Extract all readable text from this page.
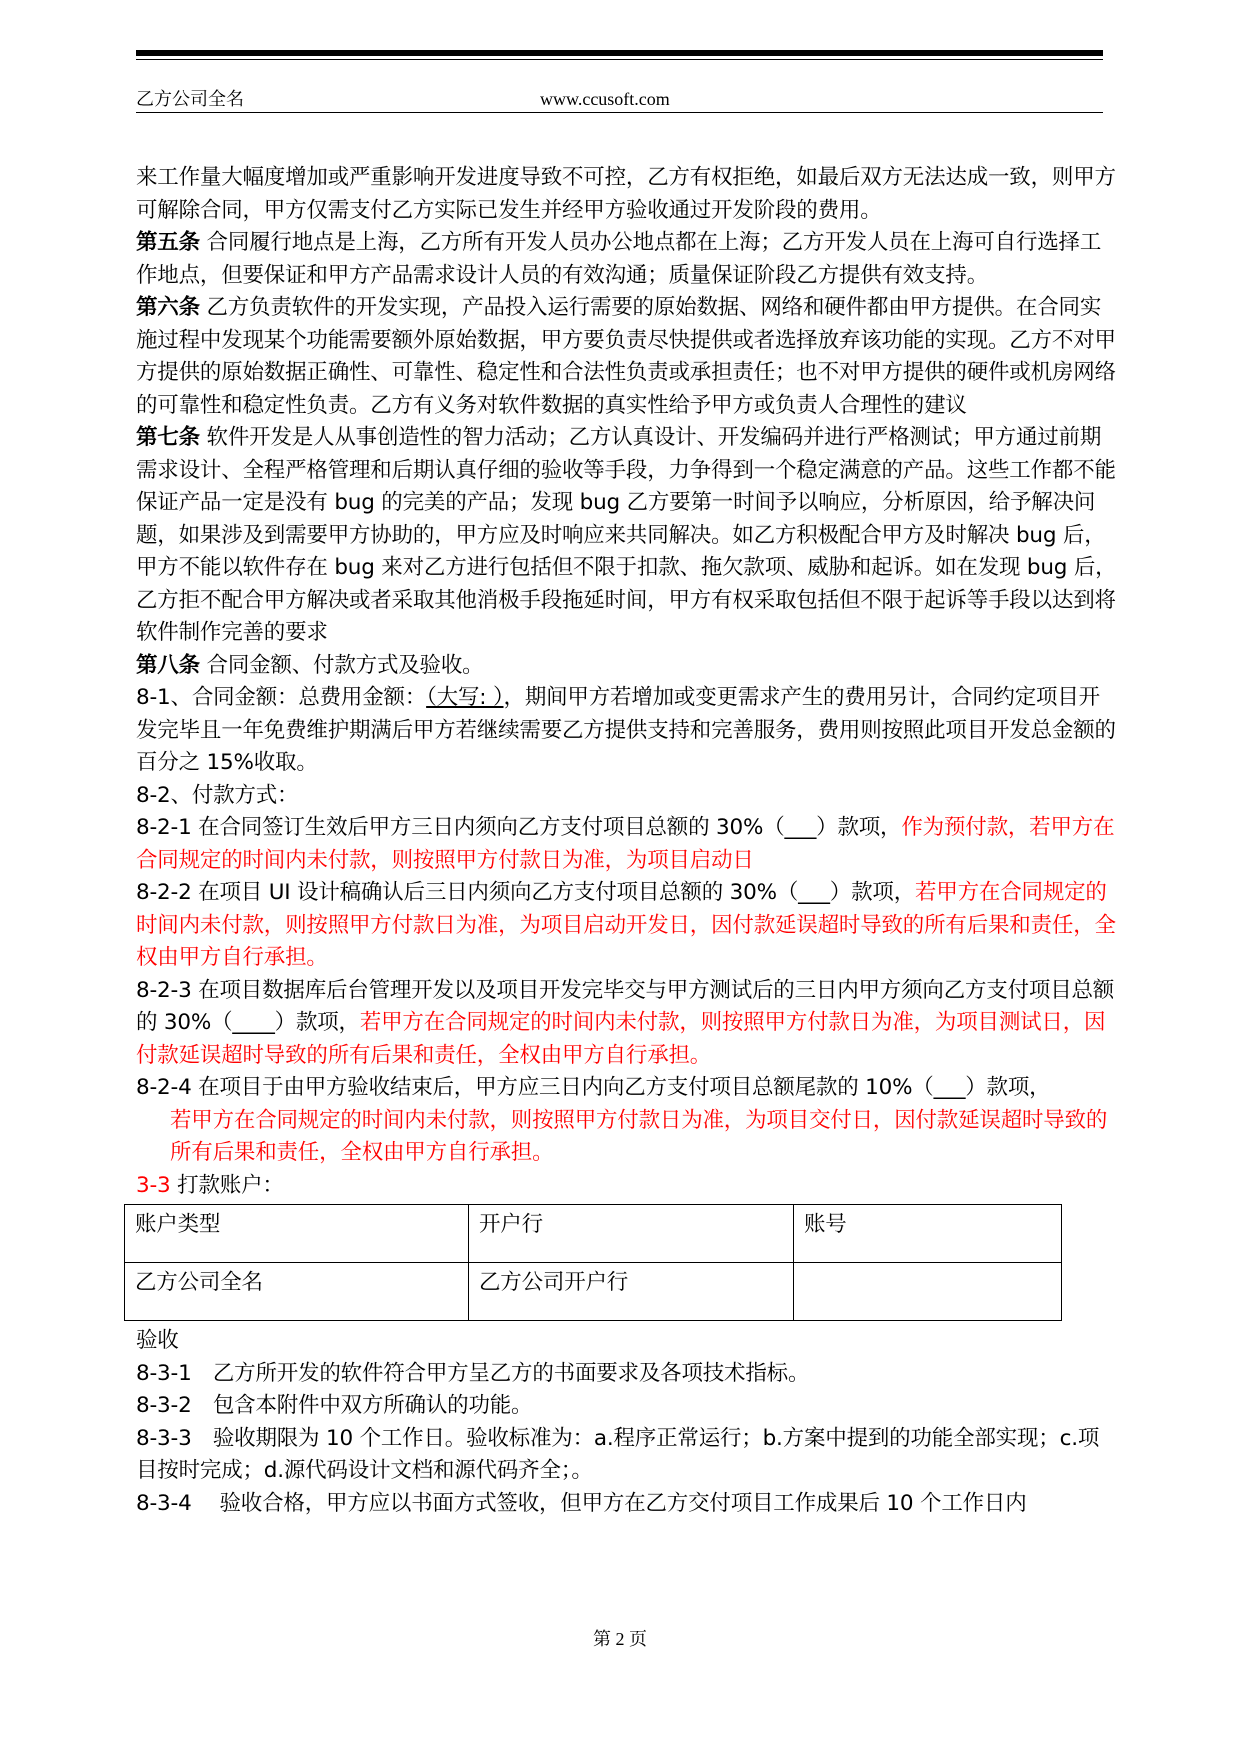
乙方公司全名	www.ccusoft.com

来工作量大幅度增加或严重影响开发进度导致不可控，乙方有权拒绝，如最后双方无法达成一致，则甲方可解除合同，甲方仅需支付乙方实际已发生并经甲方验收通过开发阶段的费用。

第五条 合同履行地点是上海，乙方所有开发人员办公地点都在上海；乙方开发人员在上海可自行选择工作地点，但要保证和甲方产品需求设计人员的有效沟通；质量保证阶段乙方提供有效支持。

第六条 乙方负责软件的开发实现，产品投入运行需要的原始数据、网络和硬件都由甲方提供。在合同实施过程中发现某个功能需要额外原始数据，甲方要负责尽快提供或者选择放弃该功能的实现。乙方不对甲方提供的原始数据正确性、可靠性、稳定性和合法性负责或承担责任；也不对甲方提供的硬件或机房网络的可靠性和稳定性负责。乙方有义务对软件数据的真实性给予甲方或负责人合理性的建议

第七条 软件开发是人从事创造性的智力活动；乙方认真设计、开发编码并进行严格测试；甲方通过前期需求设计、全程严格管理和后期认真仔细的验收等手段，力争得到一个稳定满意的产品。这些工作都不能保证产品一定是没有 bug 的完美的产品；发现 bug 乙方要第一时间予以响应，分析原因，给予解决问题，如果涉及到需要甲方协助的，甲方应及时响应来共同解决。如乙方积极配合甲方及时解决 bug 后，甲方不能以软件存在 bug 来对乙方进行包括但不限于扣款、拖欠款项、威胁和起诉。如在发现 bug 后，乙方拒不配合甲方解决或者采取其他消极手段拖延时间，甲方有权采取包括但不限于起诉等手段以达到将软件制作完善的要求

第八条 合同金额、付款方式及验收。

8-1、合同金额：总费用金额：（大写: ），期间甲方若增加或变更需求产生的费用另计，合同约定项目开发完毕且一年免费维护期满后甲方若继续需要乙方提供支持和完善服务，费用则按照此项目开发总金额的百分之 15%收取。

8-2、付款方式：

8-2-1 在合同签订生效后甲方三日内须向乙方支付项目总额的 30%（___）款项，作为预付款，若甲方在合同规定的时间内未付款，则按照甲方付款日为准，为项目启动日

8-2-2 在项目 UI 设计稿确认后三日内须向乙方支付项目总额的 30%（___）款项，若甲方在合同规定的时间内未付款，则按照甲方付款日为准，为项目启动开发日，因付款延误超时导致的所有后果和责任，全权由甲方自行承担。

8-2-3 在项目数据库后台管理开发以及项目开发完毕交与甲方测试后的三日内甲方须向乙方支付项目总额的 30%（____）款项，若甲方在合同规定的时间内未付款，则按照甲方付款日为准，为项目测试日，因付款延误超时导致的所有后果和责任，全权由甲方自行承担。

8-2-4 在项目于由甲方验收结束后，甲方应三日内向乙方支付项目总额尾款的 10%（___）款项，
若甲方在合同规定的时间内未付款，则按照甲方付款日为准，为项目交付日，因付款延误超时导致的所有后果和责任，全权由甲方自行承担。

3-3 打款账户：

账户类型	开户行	账号
乙方公司全名	乙方公司开户行	

验收

8-3-1　乙方所开发的软件符合甲方呈乙方的书面要求及各项技术指标。

8-3-2　包含本附件中双方所确认的功能。

8-3-3　验收期限为 10 个工作日。验收标准为：a.程序正常运行；b.方案中提到的功能全部实现；c.项目按时完成；d.源代码设计文档和源代码齐全；。

8-3-4　 验收合格，甲方应以书面方式签收，但甲方在乙方交付项目工作成果后 10 个工作日内

第 2 页
